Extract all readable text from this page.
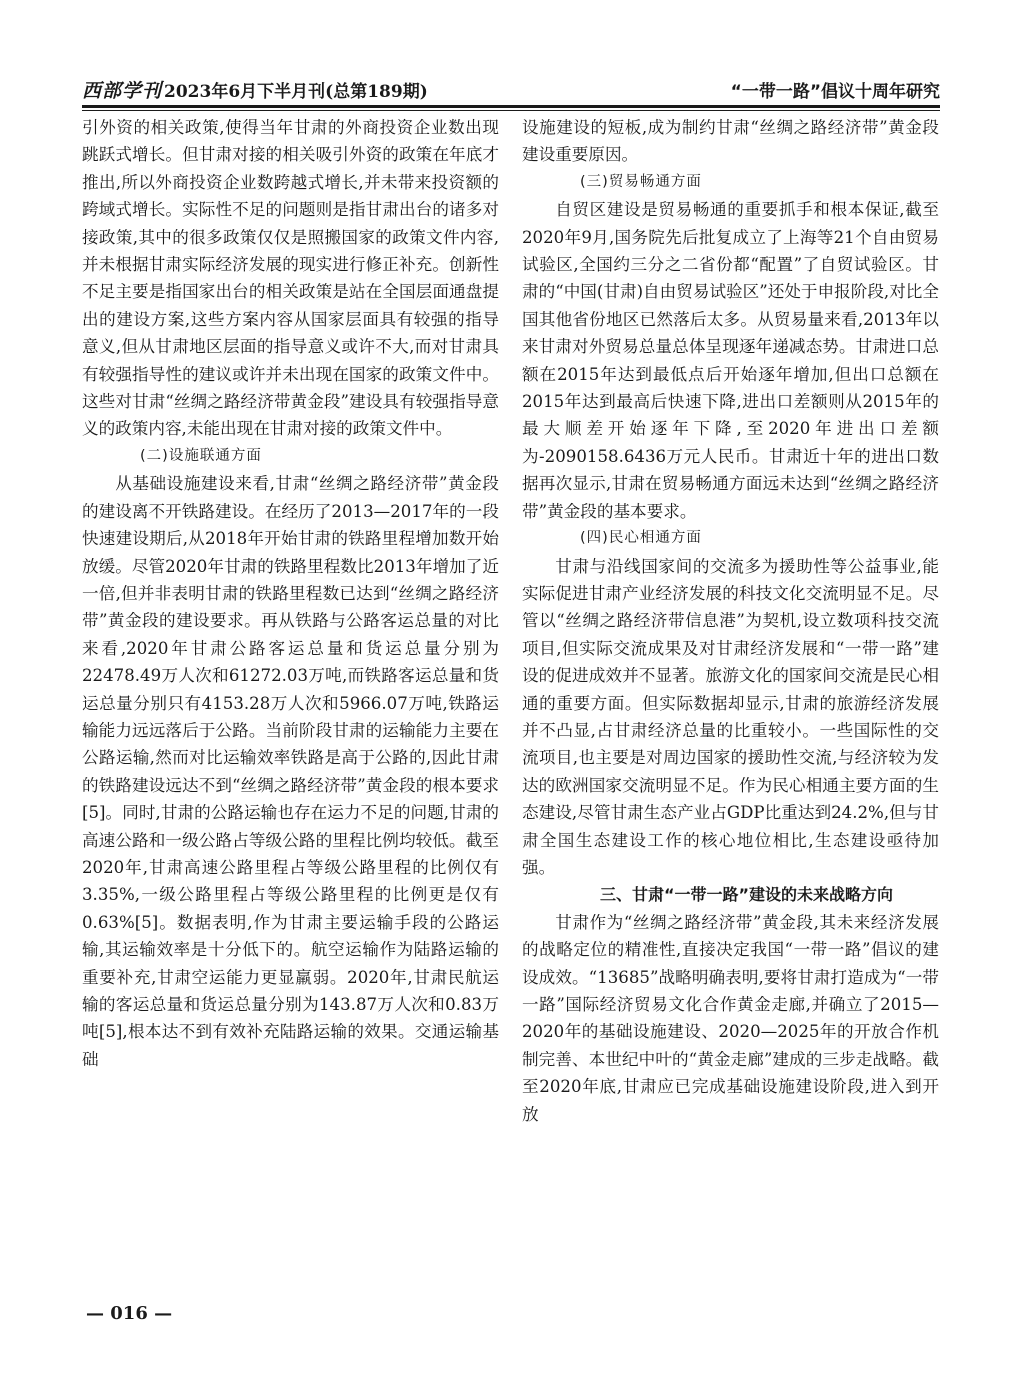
西部学刊 2023年6月下半月刊(总第189期)	“一带一路”倡议十周年研究

引外资的相关政策,使得当年甘肃的外商投资企业数出现跳跃式增长。但甘肃对接的相关吸引外资的政策在年底才推出,所以外商投资企业数跨越式增长,并未带来投资额的跨域式增长。实际性不足的问题则是指甘肃出台的诸多对接政策,其中的很多政策仅仅是照搬国家的政策文件内容,并未根据甘肃实际经济发展的现实进行修正补充。创新性不足主要是指国家出台的相关政策是站在全国层面通盘提出的建设方案,这些方案内容从国家层面具有较强的指导意义,但从甘肃地区层面的指导意义或许不大,而对甘肃具有较强指导性的建议或许并未出现在国家的政策文件中。这些对甘肃“丝绸之路经济带黄金段”建设具有较强指导意义的政策内容,未能出现在甘肃对接的政策文件中。

(二)设施联通方面

从基础设施建设来看,甘肃“丝绸之路经济带”黄金段的建设离不开铁路建设。在经历了2013—2017年的一段快速建设期后,从2018年开始甘肃的铁路里程增加数开始放缓。尽管2020年甘肃的铁路里程数比2013年增加了近一倍,但并非表明甘肃的铁路里程数已达到“丝绸之路经济带”黄金段的建设要求。再从铁路与公路客运总量的对比来看,2020年甘肃公路客运总量和货运总量分别为22478.49万人次和61272.03万吨,而铁路客运总量和货运总量分别只有4153.28万人次和5966.07万吨,铁路运输能力远远落后于公路。当前阶段甘肃的运输能力主要在公路运输,然而对比运输效率铁路是高于公路的,因此甘肃的铁路建设远达不到“丝绸之路经济带”黄金段的根本要求[5]。同时,甘肃的公路运输也存在运力不足的问题,甘肃的高速公路和一级公路占等级公路的里程比例均较低。截至2020年,甘肃高速公路里程占等级公路里程的比例仅有3.35%,一级公路里程占等级公路里程的比例更是仅有0.63%[5]。数据表明,作为甘肃主要运输手段的公路运输,其运输效率是十分低下的。航空运输作为陆路运输的重要补充,甘肃空运能力更显羸弱。2020年,甘肃民航运输的客运总量和货运总量分别为143.87万人次和0.83万吨[5],根本达不到有效补充陆路运输的效果。交通运输基础

设施建设的短板,成为制约甘肃“丝绸之路经济带”黄金段建设重要原因。

(三)贸易畅通方面

自贸区建设是贸易畅通的重要抓手和根本保证,截至2020年9月,国务院先后批复成立了上海等21个自由贸易试验区,全国约三分之二省份都“配置”了自贸试验区。甘肃的“中国(甘肃)自由贸易试验区”还处于申报阶段,对比全国其他省份地区已然落后太多。从贸易量来看,2013年以来甘肃对外贸易总量总体呈现逐年递减态势。甘肃进口总额在2015年达到最低点后开始逐年增加,但出口总额在2015年达到最高后快速下降,进出口差额则从2015年的最大顺差开始逐年下降,至2020年进出口差额为-2090158.6436万元人民币。甘肃近十年的进出口数据再次显示,甘肃在贸易畅通方面远未达到“丝绸之路经济带”黄金段的基本要求。

(四)民心相通方面

甘肃与沿线国家间的交流多为援助性等公益事业,能实际促进甘肃产业经济发展的科技文化交流明显不足。尽管以“丝绸之路经济带信息港”为契机,设立数项科技交流项目,但实际交流成果及对甘肃经济发展和“一带一路”建设的促进成效并不显著。旅游文化的国家间交流是民心相通的重要方面。但实际数据却显示,甘肃的旅游经济发展并不凸显,占甘肃经济总量的比重较小。一些国际性的交流项目,也主要是对周边国家的援助性交流,与经济较为发达的欧洲国家交流明显不足。作为民心相通主要方面的生态建设,尽管甘肃生态产业占GDP比重达到24.2%,但与甘肃全国生态建设工作的核心地位相比,生态建设亟待加强。

三、甘肃“一带一路”建设的未来战略方向

甘肃作为“丝绸之路经济带”黄金段,其未来经济发展的战略定位的精准性,直接决定我国“一带一路”倡议的建设成效。“13685”战略明确表明,要将甘肃打造成为“一带一路”国际经济贸易文化合作黄金走廊,并确立了2015—2020年的基础设施建设、2020—2025年的开放合作机制完善、本世纪中叶的“黄金走廊”建成的三步走战略。截至2020年底,甘肃应已完成基础设施建设阶段,进入到开放

— 016 —
